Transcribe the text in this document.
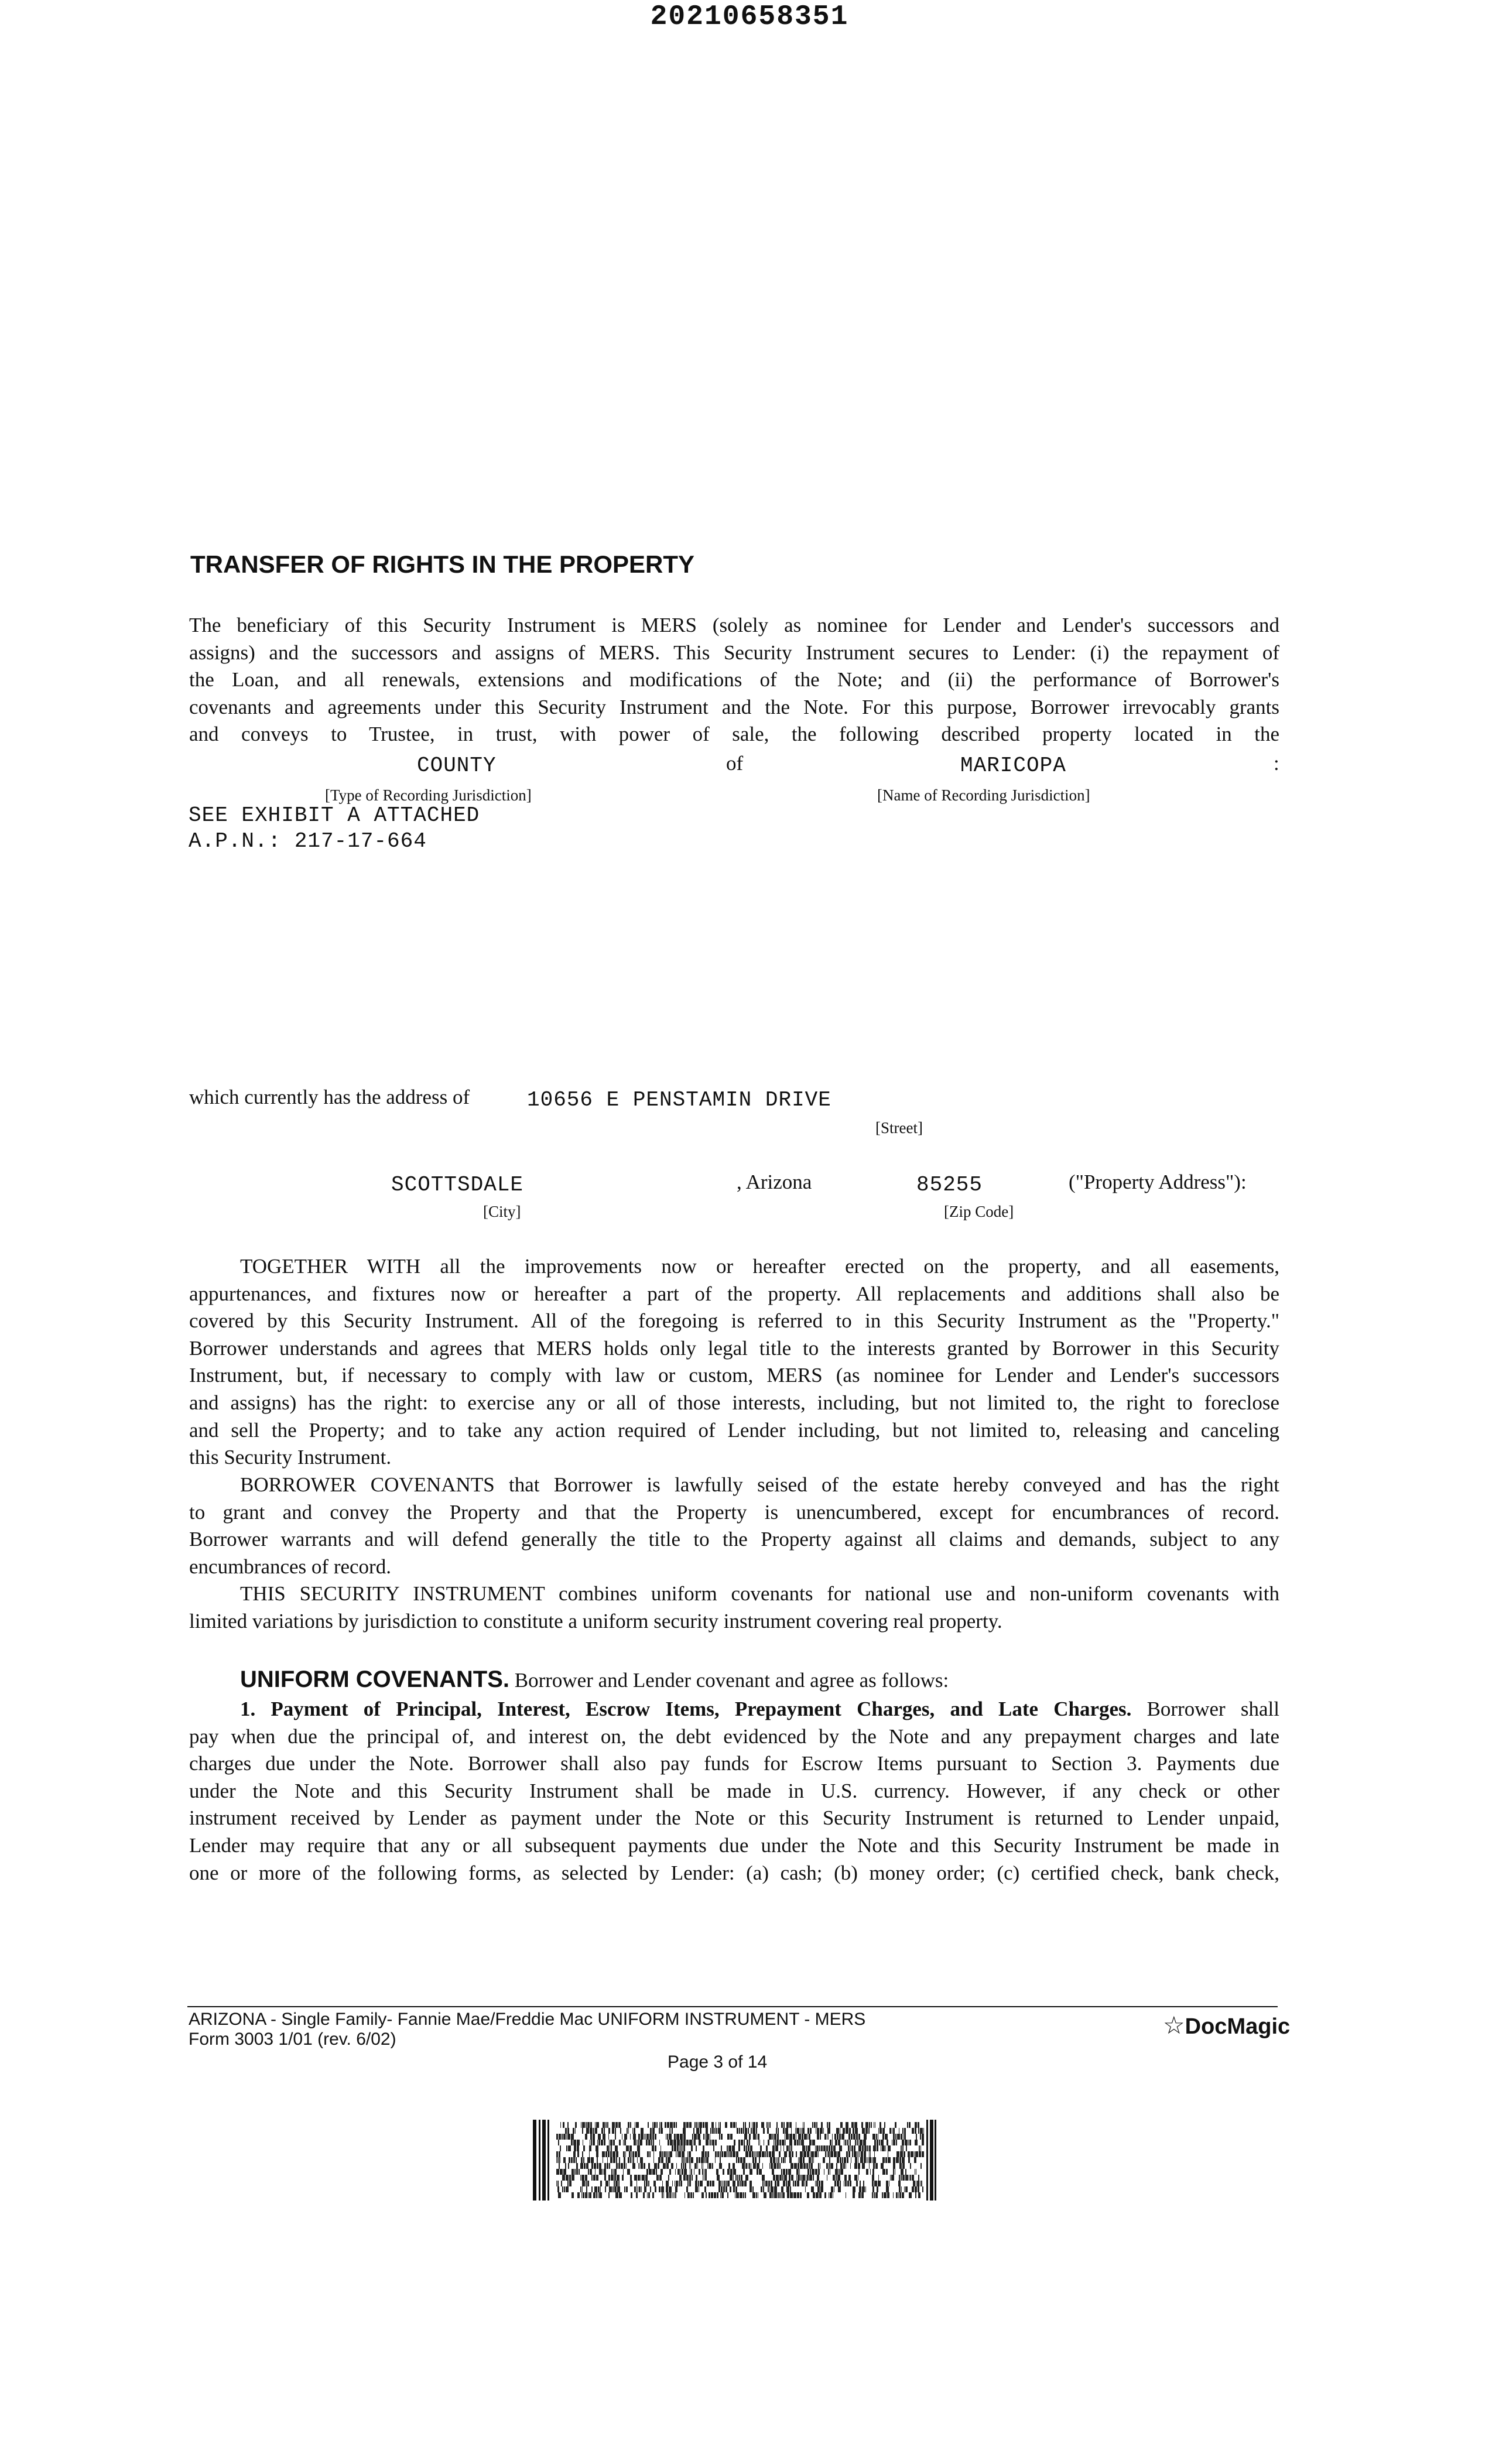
20210658351
TRANSFER OF RIGHTS IN THE PROPERTY
The beneficiary of this Security Instrument is MERS (solely as nominee for Lender and Lender's successors and
assigns) and the successors and assigns of MERS. This Security Instrument secures to Lender: (i) the repayment of
the Loan, and all renewals, extensions and modifications of the Note; and (ii) the performance of Borrower's
covenants and agreements under this Security Instrument and the Note. For this purpose, Borrower irrevocably grants
and conveys to Trustee, in trust, with power of sale, the following described property located in the
COUNTY	of	MARICOPA	:
[Type of Recording Jurisdiction]	[Name of Recording Jurisdiction]
SEE EXHIBIT A ATTACHED
A.P.N.: 217-17-664
which currently has the address of	10656 E PENSTAMIN DRIVE
[Street]
SCOTTSDALE	, Arizona	85255	("Property Address"):
[City]	[Zip Code]
TOGETHER WITH all the improvements now or hereafter erected on the property, and all easements,
appurtenances, and fixtures now or hereafter a part of the property. All replacements and additions shall also be
covered by this Security Instrument. All of the foregoing is referred to in this Security Instrument as the "Property."
Borrower understands and agrees that MERS holds only legal title to the interests granted by Borrower in this Security
Instrument, but, if necessary to comply with law or custom, MERS (as nominee for Lender and Lender's successors
and assigns) has the right: to exercise any or all of those interests, including, but not limited to, the right to foreclose
and sell the Property; and to take any action required of Lender including, but not limited to, releasing and canceling
this Security Instrument.
BORROWER COVENANTS that Borrower is lawfully seised of the estate hereby conveyed and has the right
to grant and convey the Property and that the Property is unencumbered, except for encumbrances of record.
Borrower warrants and will defend generally the title to the Property against all claims and demands, subject to any
encumbrances of record.
THIS SECURITY INSTRUMENT combines uniform covenants for national use and non-uniform covenants with
limited variations by jurisdiction to constitute a uniform security instrument covering real property.
UNIFORM COVENANTS. Borrower and Lender covenant and agree as follows:
1. Payment of Principal, Interest, Escrow Items, Prepayment Charges, and Late Charges. Borrower shall
pay when due the principal of, and interest on, the debt evidenced by the Note and any prepayment charges and late
charges due under the Note. Borrower shall also pay funds for Escrow Items pursuant to Section 3. Payments due
under the Note and this Security Instrument shall be made in U.S. currency. However, if any check or other
instrument received by Lender as payment under the Note or this Security Instrument is returned to Lender unpaid,
Lender may require that any or all subsequent payments due under the Note and this Security Instrument be made in
one or more of the following forms, as selected by Lender: (a) cash; (b) money order; (c) certified check, bank check,
ARIZONA - Single Family- Fannie Mae/Freddie Mac UNIFORM INSTRUMENT - MERS
Form 3003 1/01 (rev. 6/02)
Page 3 of 14
☆DocMagic
